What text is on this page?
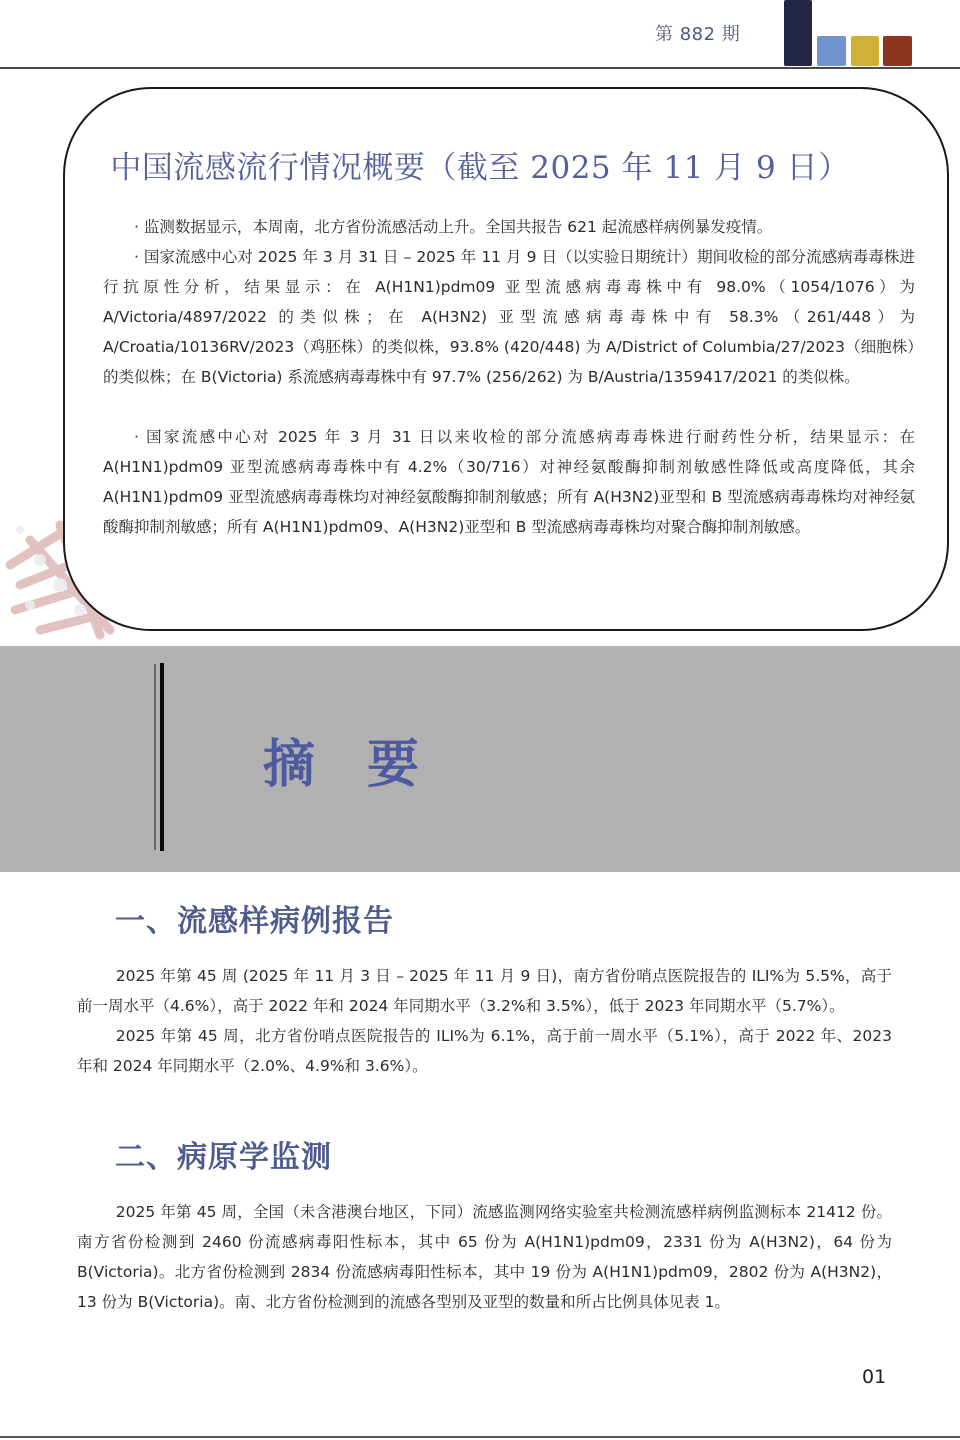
第 882 期
中国流感流行情况概要（截至 2025 年 11 月 9 日）

· 监测数据显示，本周南，北方省份流感活动上升。全国共报告 621 起流感样病例暴发疫情。

· 国家流感中心对 2025 年 3 月 31 日 – 2025 年 11 月 9 日（以实验日期统计）期间收检的部分流感病毒毒株进行抗原性分析，结果显示：在 A(H1N1)pdm09 亚型流感病毒毒株中有 98.0%（1054/1076）为 A/Victoria/4897/2022 的类似株；在 A(H3N2) 亚型流感病毒毒株中有 58.3%（261/448）为 A/Croatia/10136RV/2023（鸡胚株）的类似株，93.8% (420/448) 为 A/District of Columbia/27/2023（细胞株）的类似株；在 B(Victoria) 系流感病毒毒株中有 97.7% (256/262) 为 B/Austria/1359417/2021 的类似株。

· 国家流感中心对 2025 年 3 月 31 日以来收检的部分流感病毒毒株进行耐药性分析，结果显示：在 A(H1N1)pdm09 亚型流感病毒毒株中有 4.2%（30/716）对神经氨酸酶抑制剂敏感性降低或高度降低，其余 A(H1N1)pdm09 亚型流感病毒毒株均对神经氨酸酶抑制剂敏感；所有 A(H3N2)亚型和 B 型流感病毒毒株均对神经氨酸酶抑制剂敏感；所有 A(H1N1)pdm09、A(H3N2)亚型和 B 型流感病毒毒株均对聚合酶抑制剂敏感。

摘要
一、流感样病例报告

2025 年第 45 周 (2025 年 11 月 3 日 – 2025 年 11 月 9 日)，南方省份哨点医院报告的 ILI%为 5.5%，高于前一周水平（4.6%），高于 2022 年和 2024 年同期水平（3.2%和 3.5%），低于 2023 年同期水平（5.7%）。

2025 年第 45 周，北方省份哨点医院报告的 ILI%为 6.1%，高于前一周水平（5.1%），高于 2022 年、2023 年和 2024 年同期水平（2.0%、4.9%和 3.6%）。

二、病原学监测

2025 年第 45 周，全国（未含港澳台地区，下同）流感监测网络实验室共检测流感样病例监测标本 21412 份。南方省份检测到 2460 份流感病毒阳性标本，其中 65 份为 A(H1N1)pdm09，2331 份为 A(H3N2)，64 份为 B(Victoria)。北方省份检测到 2834 份流感病毒阳性标本，其中 19 份为 A(H1N1)pdm09，2802 份为 A(H3N2)，13 份为 B(Victoria)。南、北方省份检测到的流感各型别及亚型的数量和所占比例具体见表 1。

01
